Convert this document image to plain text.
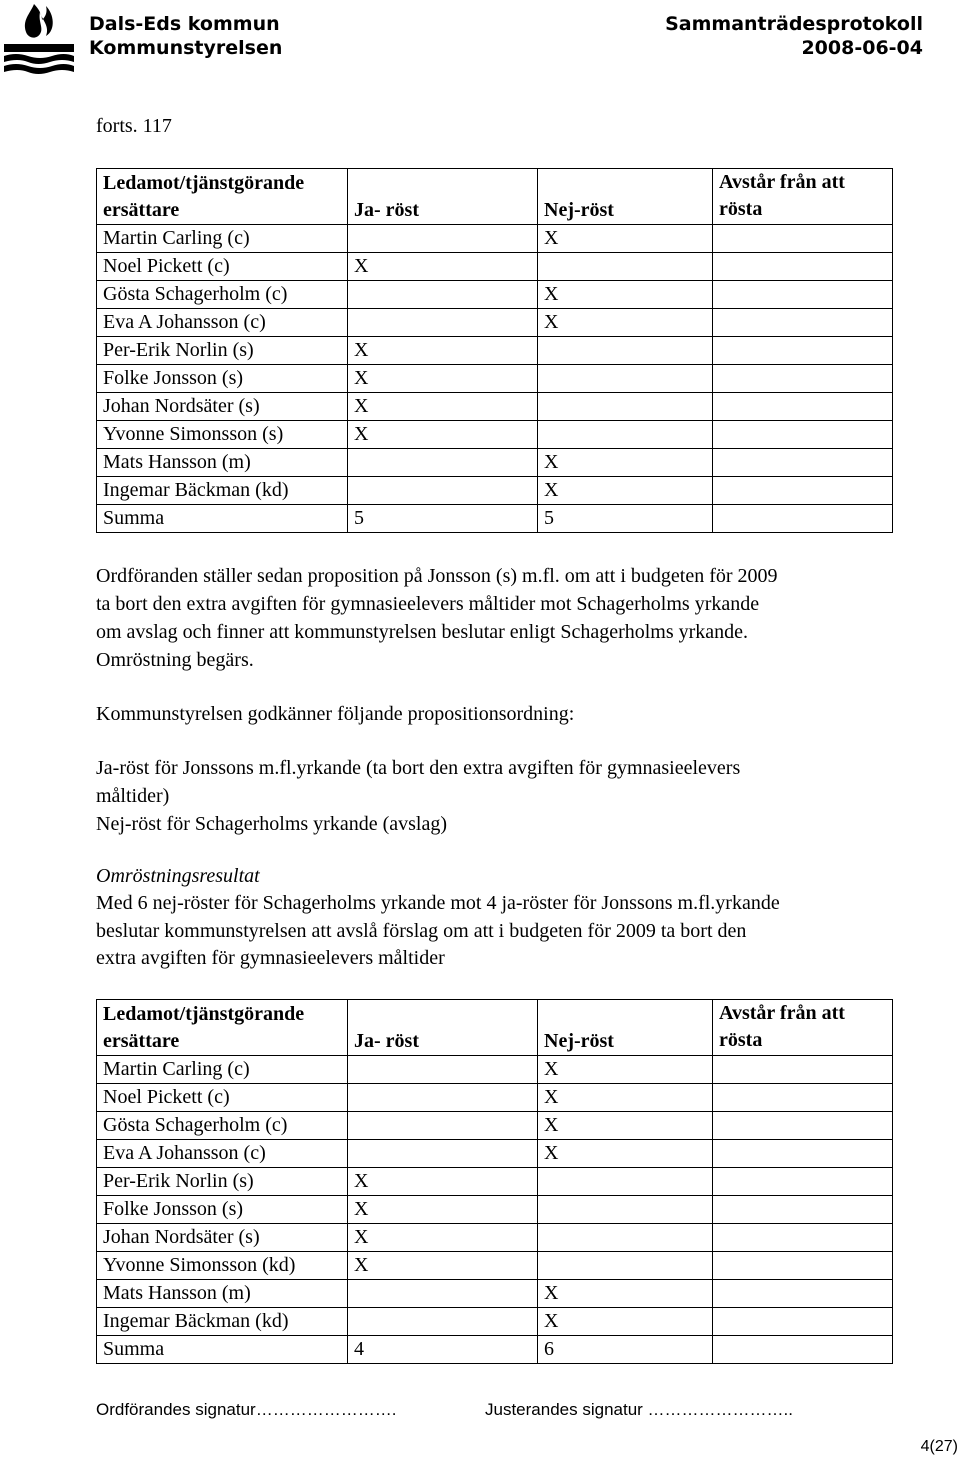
Dals-Eds kommun
Kommunstyrelsen
Sammanträdesprotokoll
2008-06-04
forts. 117
Ledamot/tjänstgörande
ersättare	Ja- röst	Nej-röst	Avstår från att
rösta
Martin Carling (c)		X	
Noel Pickett (c)	X		
Gösta Schagerholm (c)		X	
Eva A Johansson (c)		X	
Per-Erik Norlin (s)	X		
Folke Jonsson (s)	X		
Johan Nordsäter (s)	X		
Yvonne Simonsson (s)	X		
Mats Hansson (m)		X	
Ingemar Bäckman (kd)		X	
Summa	5	5	
Ordföranden ställer sedan proposition på Jonsson (s) m.fl. om att i budgeten för 2009
ta bort den extra avgiften för gymnasieelevers måltider mot Schagerholms yrkande
om avslag och finner att kommunstyrelsen beslutar enligt Schagerholms yrkande.
Omröstning begärs.
Kommunstyrelsen godkänner följande propositionsordning:
Ja-röst för Jonssons m.fl.yrkande (ta bort den extra avgiften för gymnasieelevers
måltider)
Nej-röst för Schagerholms yrkande (avslag)
Omröstningsresultat
Med 6 nej-röster för Schagerholms yrkande mot 4 ja-röster för Jonssons m.fl.yrkande
beslutar kommunstyrelsen att avslå förslag om att i budgeten för 2009 ta bort den
extra avgiften för gymnasieelevers måltider
Ledamot/tjänstgörande
ersättare	Ja- röst	Nej-röst	Avstår från att
rösta
Martin Carling (c)		X	
Noel Pickett (c)		X	
Gösta Schagerholm (c)		X	
Eva A Johansson (c)		X	
Per-Erik Norlin (s)	X		
Folke Jonsson (s)	X		
Johan Nordsäter (s)	X		
Yvonne Simonsson (kd)	X		
Mats Hansson (m)		X	
Ingemar Bäckman (kd)		X	
Summa	4	6	
Ordförandes signatur…………………….	Justerandes signatur ……………………..
4(27)
